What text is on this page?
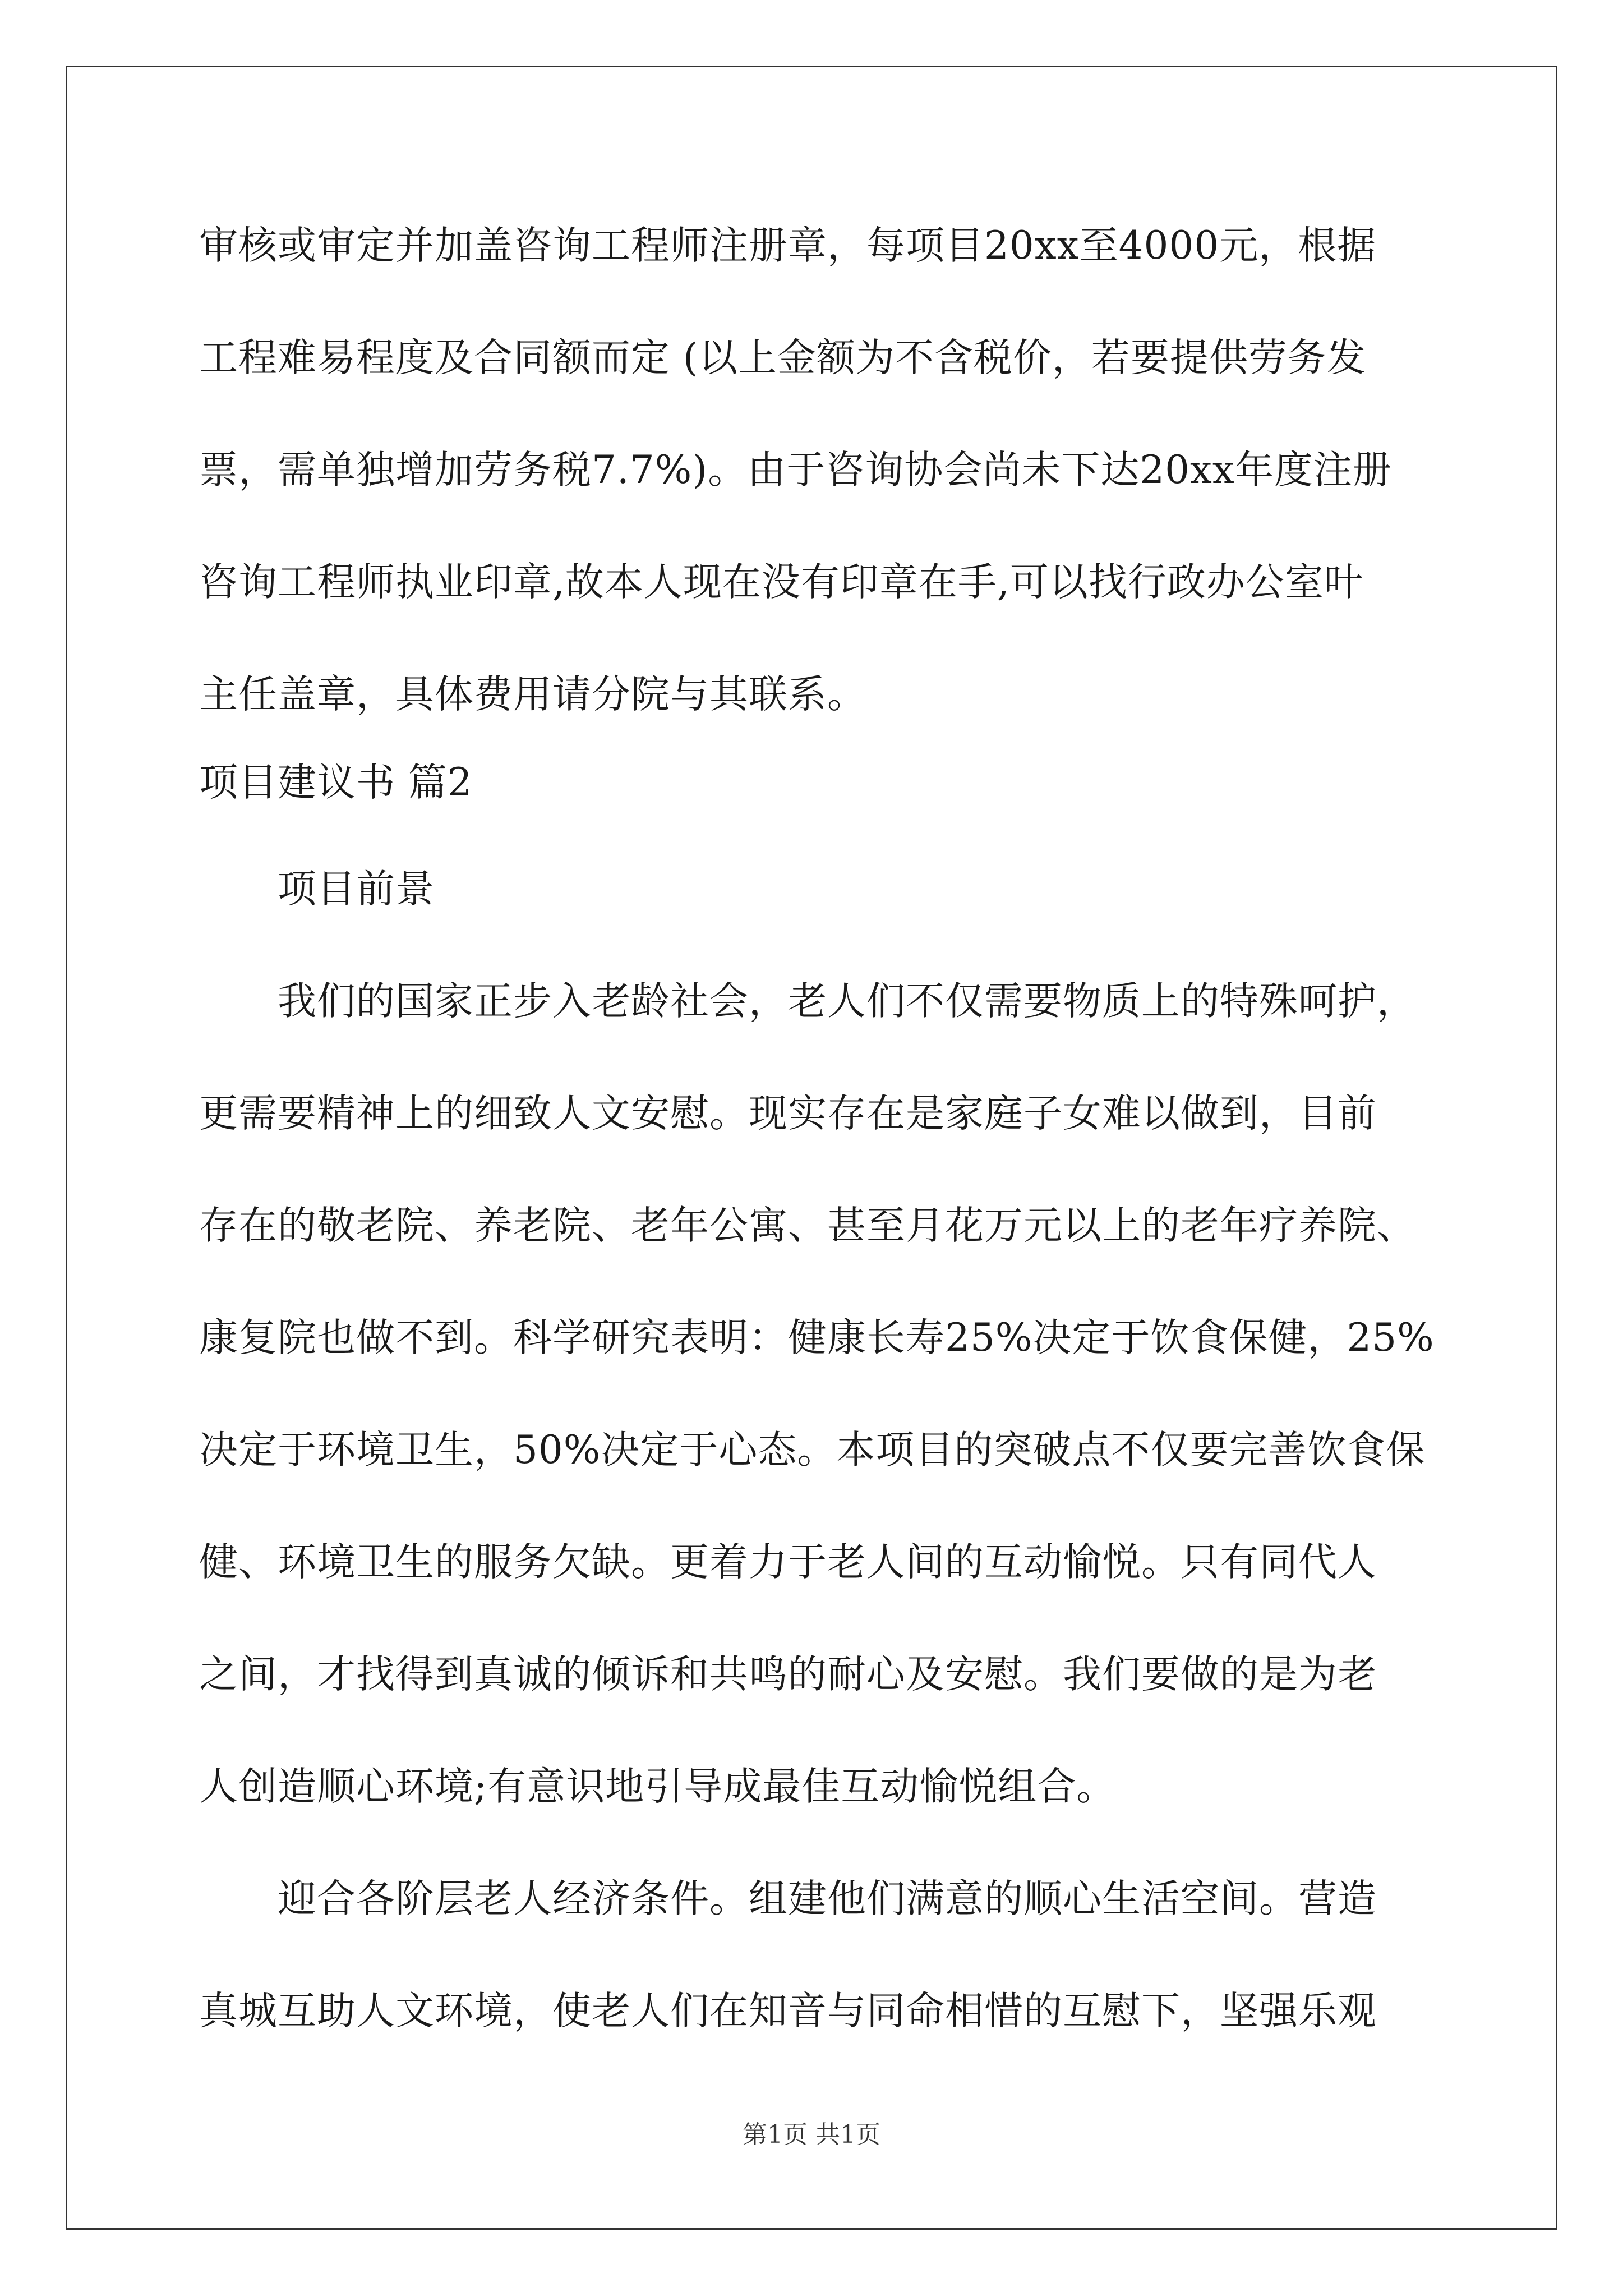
审核或审定并加盖咨询工程师注册章，每项目20xx至4000元，根据
工程难易程度及合同额而定 (以上金额为不含税价，若要提供劳务发
票，需单独增加劳务税7.7%)。由于咨询协会尚未下达20xx年度注册
咨询工程师执业印章,故本人现在没有印章在手,可以找行政办公室叶
主任盖章，具体费用请分院与其联系。
项目建议书 篇2
项目前景
我们的国家正步入老龄社会，老人们不仅需要物质上的特殊呵护，
更需要精神上的细致人文安慰。现实存在是家庭子女难以做到，目前
存在的敬老院、养老院、老年公寓、甚至月花万元以上的老年疗养院、
康复院也做不到。科学研究表明：健康长寿25%决定于饮食保健，25%
决定于环境卫生，50%决定于心态。本项目的突破点不仅要完善饮食保
健、环境卫生的服务欠缺。更着力于老人间的互动愉悦。只有同代人
之间，才找得到真诚的倾诉和共鸣的耐心及安慰。我们要做的是为老
人创造顺心环境;有意识地引导成最佳互动愉悦组合。
迎合各阶层老人经济条件。组建他们满意的顺心生活空间。营造
真城互助人文环境，使老人们在知音与同命相惜的互慰下，坚强乐观
第1页 共1页
